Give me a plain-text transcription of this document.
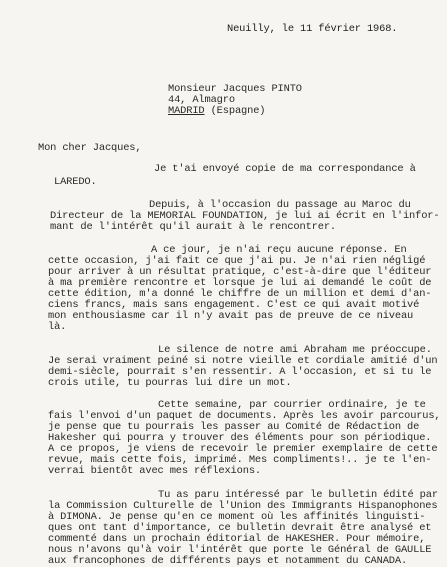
Neuilly, le 11 février 1968.
Monsieur Jacques PINTO
44, Almagro
MADRID (Espagne)
Mon cher Jacques,
Je t'ai envoyé copie de ma correspondance à
LAREDO.
Depuis, à l'occasion du passage au Maroc du
Directeur de la MEMORIAL FOUNDATION, je lui ai écrit en l'infor-
mant de l'intérêt qu'il aurait à le rencontrer.
A ce jour, je n'ai reçu aucune réponse. En
cette occasion, j'ai fait ce que j'ai pu. Je n'ai rien négligé
pour arriver à un résultat pratique, c'est-à-dire que l'éditeur
à ma première rencontre et lorsque je lui ai demandé le coût de
cette édition, m'a donné le chiffre de un million et demi d'an-
ciens francs, mais sans engagement. C'est ce qui avait motivé
mon enthousiasme car il n'y avait pas de preuve de ce niveau
là.
Le silence de notre ami Abraham me préoccupe.
Je serai vraiment peiné si notre vieille et cordiale amitié d'un
demi-siècle, pourrait s'en ressentir. A l'occasion, et si tu le
crois utile, tu pourras lui dire un mot.
Cette semaine, par courrier ordinaire, je te
fais l'envoi d'un paquet de documents. Après les avoir parcourus,
je pense que tu pourrais les passer au Comité de Rédaction de
Hakesher qui pourra y trouver des éléments pour son périodique.
A ce propos, je viens de recevoir le premier exemplaire de cette
revue, mais cette fois, imprimé. Mes compliments!.. je te l'en-
verrai bientôt avec mes réflexions.
Tu as paru intéressé par le bulletin édité par
la Commission Culturelle de l'Union des Immigrants Hispanophones
à DIMONA. Je pense qu'en ce moment où les affinités linguisti-
ques ont tant d'importance, ce bulletin devrait être analysé et
commenté dans un prochain éditorial de HAKESHER. Pour mémoire,
nous n'avons qu'à voir l'intérêt que porte le Général de GAULLE
aux francophones de différents pays et notamment du CANADA.
